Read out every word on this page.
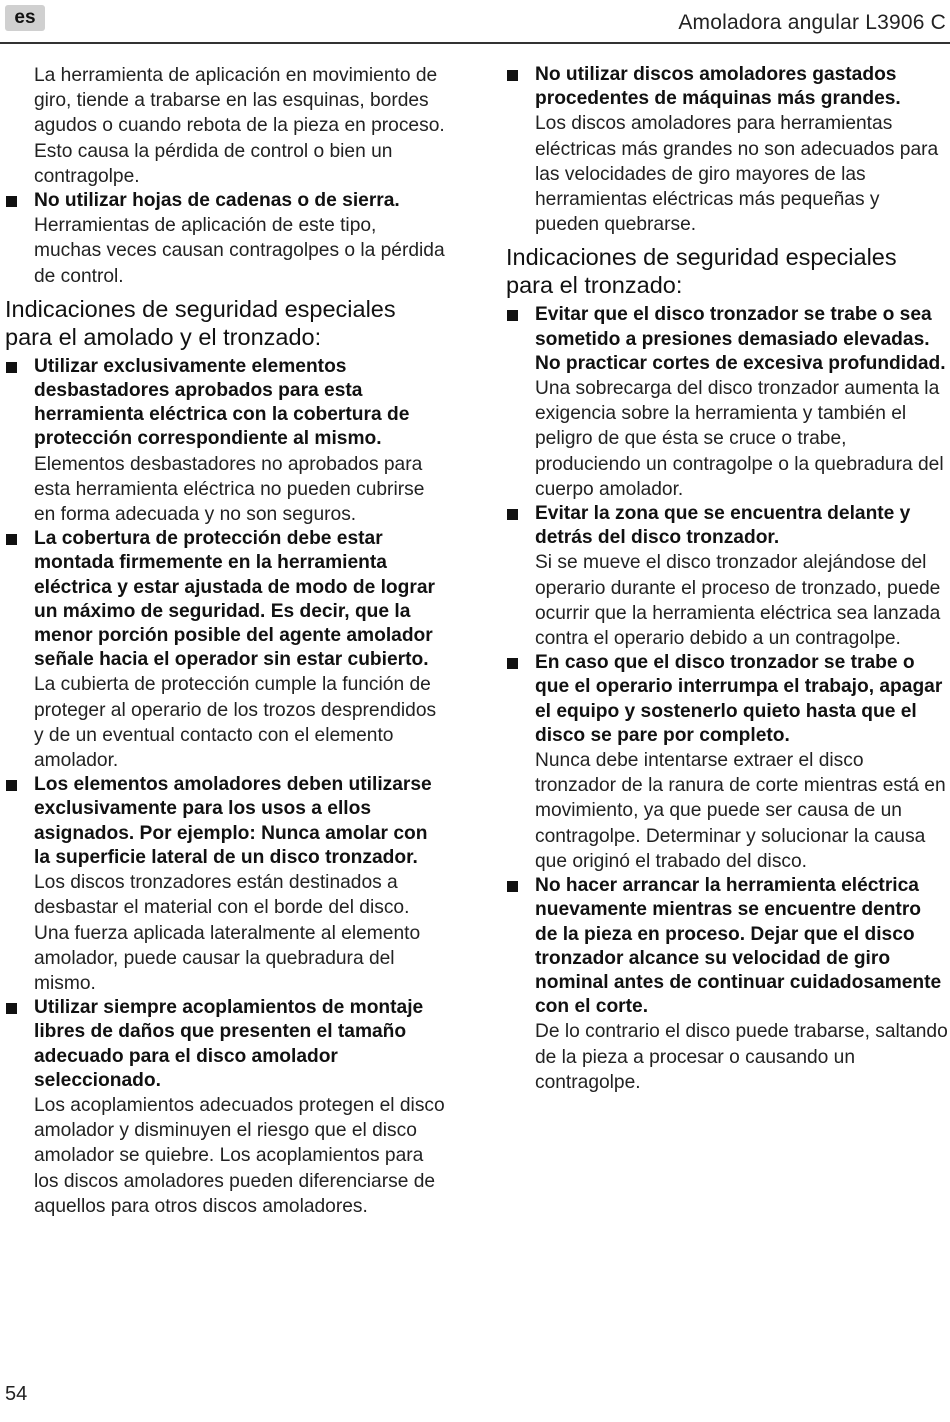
es	Amoladora angular L3906 C

La herramienta de aplicación en movimiento de giro, tiende a trabarse en las esquinas, bordes agudos o cuando rebota de la pieza en proceso. Esto causa la pérdida de control o bien un contragolpe.

No utilizar hojas de cadenas o de sierra.
Herramientas de aplicación de este tipo, muchas veces causan contragolpes o la pérdida de control.
Indicaciones de seguridad especiales para el amolado y el tronzado:
Utilizar exclusivamente elementos desbastadores aprobados para esta herramienta eléctrica con la cobertura de protección correspondiente al mismo.
Elementos desbastadores no aprobados para esta herramienta eléctrica no pueden cubrirse en forma adecuada y no son seguros.
La cobertura de protección debe estar montada firmemente en la herramienta eléctrica y estar ajustada de modo de lograr un máximo de seguridad. Es decir, que la menor porción posible del agente amolador señale hacia el operador sin estar cubierto.
La cubierta de protección cumple la función de proteger al operario de los trozos desprendidos y de un eventual contacto con el elemento amolador.
Los elementos amoladores deben utilizarse exclusivamente para los usos a ellos asignados. Por ejemplo: Nunca amolar con la superficie lateral de un disco tronzador.
Los discos tronzadores están destinados a desbastar el material con el borde del disco. Una fuerza aplicada lateralmente al elemento amolador, puede causar la quebradura del mismo.
Utilizar siempre acoplamientos de montaje libres de daños que presenten el tamaño adecuado para el disco amolador seleccionado.
Los acoplamientos adecuados protegen el disco amolador y disminuyen el riesgo que el disco amolador se quiebre. Los acoplamientos para los discos amoladores pueden diferenciarse de aquellos para otros discos amoladores.
No utilizar discos amoladores gastados procedentes de máquinas más grandes.
Los discos amoladores para herramientas eléctricas más grandes no son adecuados para las velocidades de giro mayores de las herramientas eléctricas más pequeñas y pueden quebrarse.
Indicaciones de seguridad especiales para el tronzado:
Evitar que el disco tronzador se trabe o sea sometido a presiones demasiado elevadas. No practicar cortes de excesiva profundidad.
Una sobrecarga del disco tronzador aumenta la exigencia sobre la herramienta y también el peligro de que ésta se cruce o trabe, produciendo un contragolpe o la quebradura del cuerpo amolador.
Evitar la zona que se encuentra delante y detrás del disco tronzador.
Si se mueve el disco tronzador alejándose del operario durante el proceso de tronzado, puede ocurrir que la herramienta eléctrica sea lanzada contra el operario debido a un contragolpe.
En caso que el disco tronzador se trabe o que el operario interrumpa el trabajo, apagar el equipo y sostenerlo quieto hasta que el disco se pare por completo.
Nunca debe intentarse extraer el disco tronzador de la ranura de corte mientras está en movimiento, ya que puede ser causa de un contragolpe. Determinar y solucionar la causa que originó el trabado del disco.
No hacer arrancar la herramienta eléctrica nuevamente mientras se encuentre dentro de la pieza en proceso. Dejar que el disco tronzador alcance su velocidad de giro nominal antes de continuar cuidadosamente con el corte.
De lo contrario el disco puede trabarse, saltando de la pieza a procesar o causando un contragolpe.
54
